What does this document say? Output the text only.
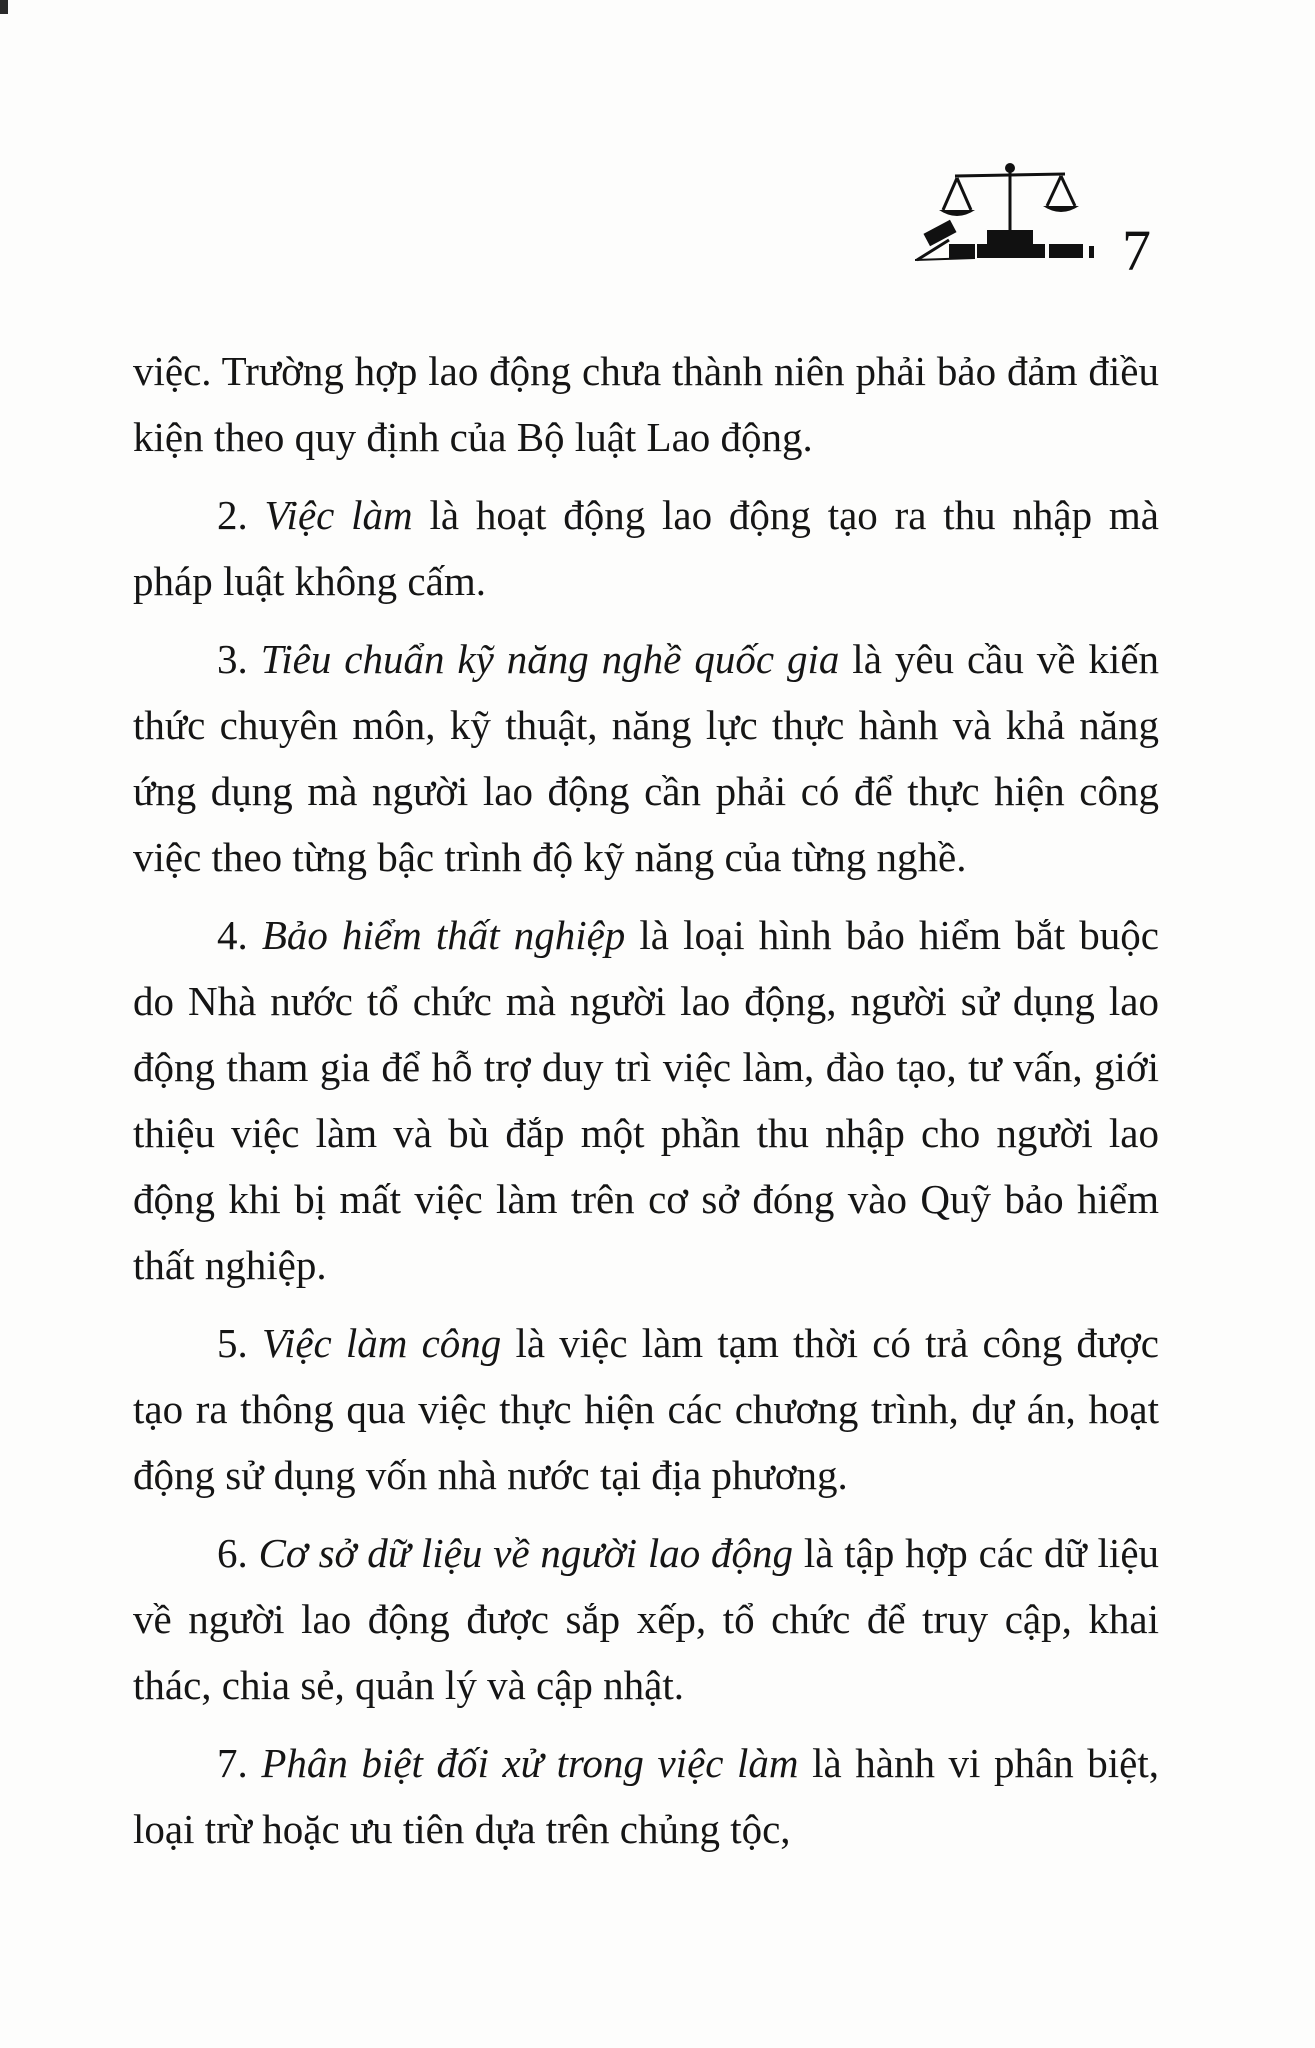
7

việc. Trường hợp lao động chưa thành niên phải bảo đảm điều kiện theo quy định của Bộ luật Lao động.

2. Việc làm là hoạt động lao động tạo ra thu nhập mà pháp luật không cấm.

3. Tiêu chuẩn kỹ năng nghề quốc gia là yêu cầu về kiến thức chuyên môn, kỹ thuật, năng lực thực hành và khả năng ứng dụng mà người lao động cần phải có để thực hiện công việc theo từng bậc trình độ kỹ năng của từng nghề.

4. Bảo hiểm thất nghiệp là loại hình bảo hiểm bắt buộc do Nhà nước tổ chức mà người lao động, người sử dụng lao động tham gia để hỗ trợ duy trì việc làm, đào tạo, tư vấn, giới thiệu việc làm và bù đắp một phần thu nhập cho người lao động khi bị mất việc làm trên cơ sở đóng vào Quỹ bảo hiểm thất nghiệp.

5. Việc làm công là việc làm tạm thời có trả công được tạo ra thông qua việc thực hiện các chương trình, dự án, hoạt động sử dụng vốn nhà nước tại địa phương.

6. Cơ sở dữ liệu về người lao động là tập hợp các dữ liệu về người lao động được sắp xếp, tổ chức để truy cập, khai thác, chia sẻ, quản lý và cập nhật.

7. Phân biệt đối xử trong việc làm là hành vi phân biệt, loại trừ hoặc ưu tiên dựa trên chủng tộc,
